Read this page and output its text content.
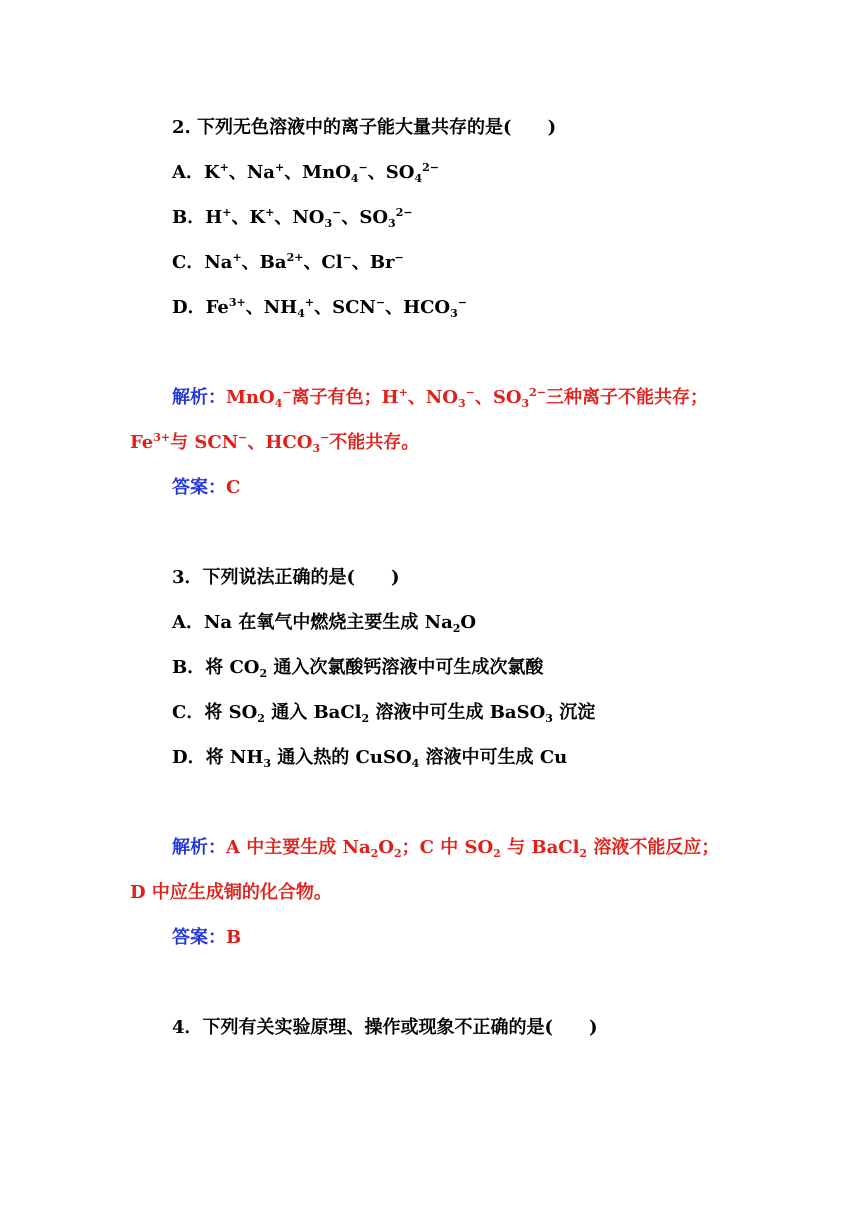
2. 下列无色溶液中的离子能大量共存的是(　　)
A．K+、Na+、MnO$_4$−、$SO_4^{2-}$
B．H+、K+、$NO_3^-$、$SO_3^{2-}$
C．Na+、$Ba^{2+}$、Cl−、Br−
D．$Fe^{3+}$、$NH_4^+$、SCN−、$HCO_3^-$
解析：MnO$_4$−离子有色；H+、$NO_3^-$、$SO_3^{2-}$三种离子不能共存；
$Fe^{3+}$与 SCN−、$HCO_3^-$不能共存。
答案：C
3．下列说法正确的是(　　)
A．Na 在氧气中燃烧主要生成 $Na_2O$
B．将 $CO_2$ 通入次氯酸钙溶液中可生成次氯酸
C．将 $SO_2$ 通入 BaCl$_2$ 溶液中可生成 BaSO$_3$ 沉淀
D．将 $NH_3$ 通入热的 CuSO$_4$ 溶液中可生成 Cu
解析：A 中主要生成 $Na_2O_2$；C 中 $SO_2$ 与 BaCl$_2$ 溶液不能反应；
D 中应生成铜的化合物。
答案：B
4．下列有关实验原理、操作或现象不正确的是(　　)
